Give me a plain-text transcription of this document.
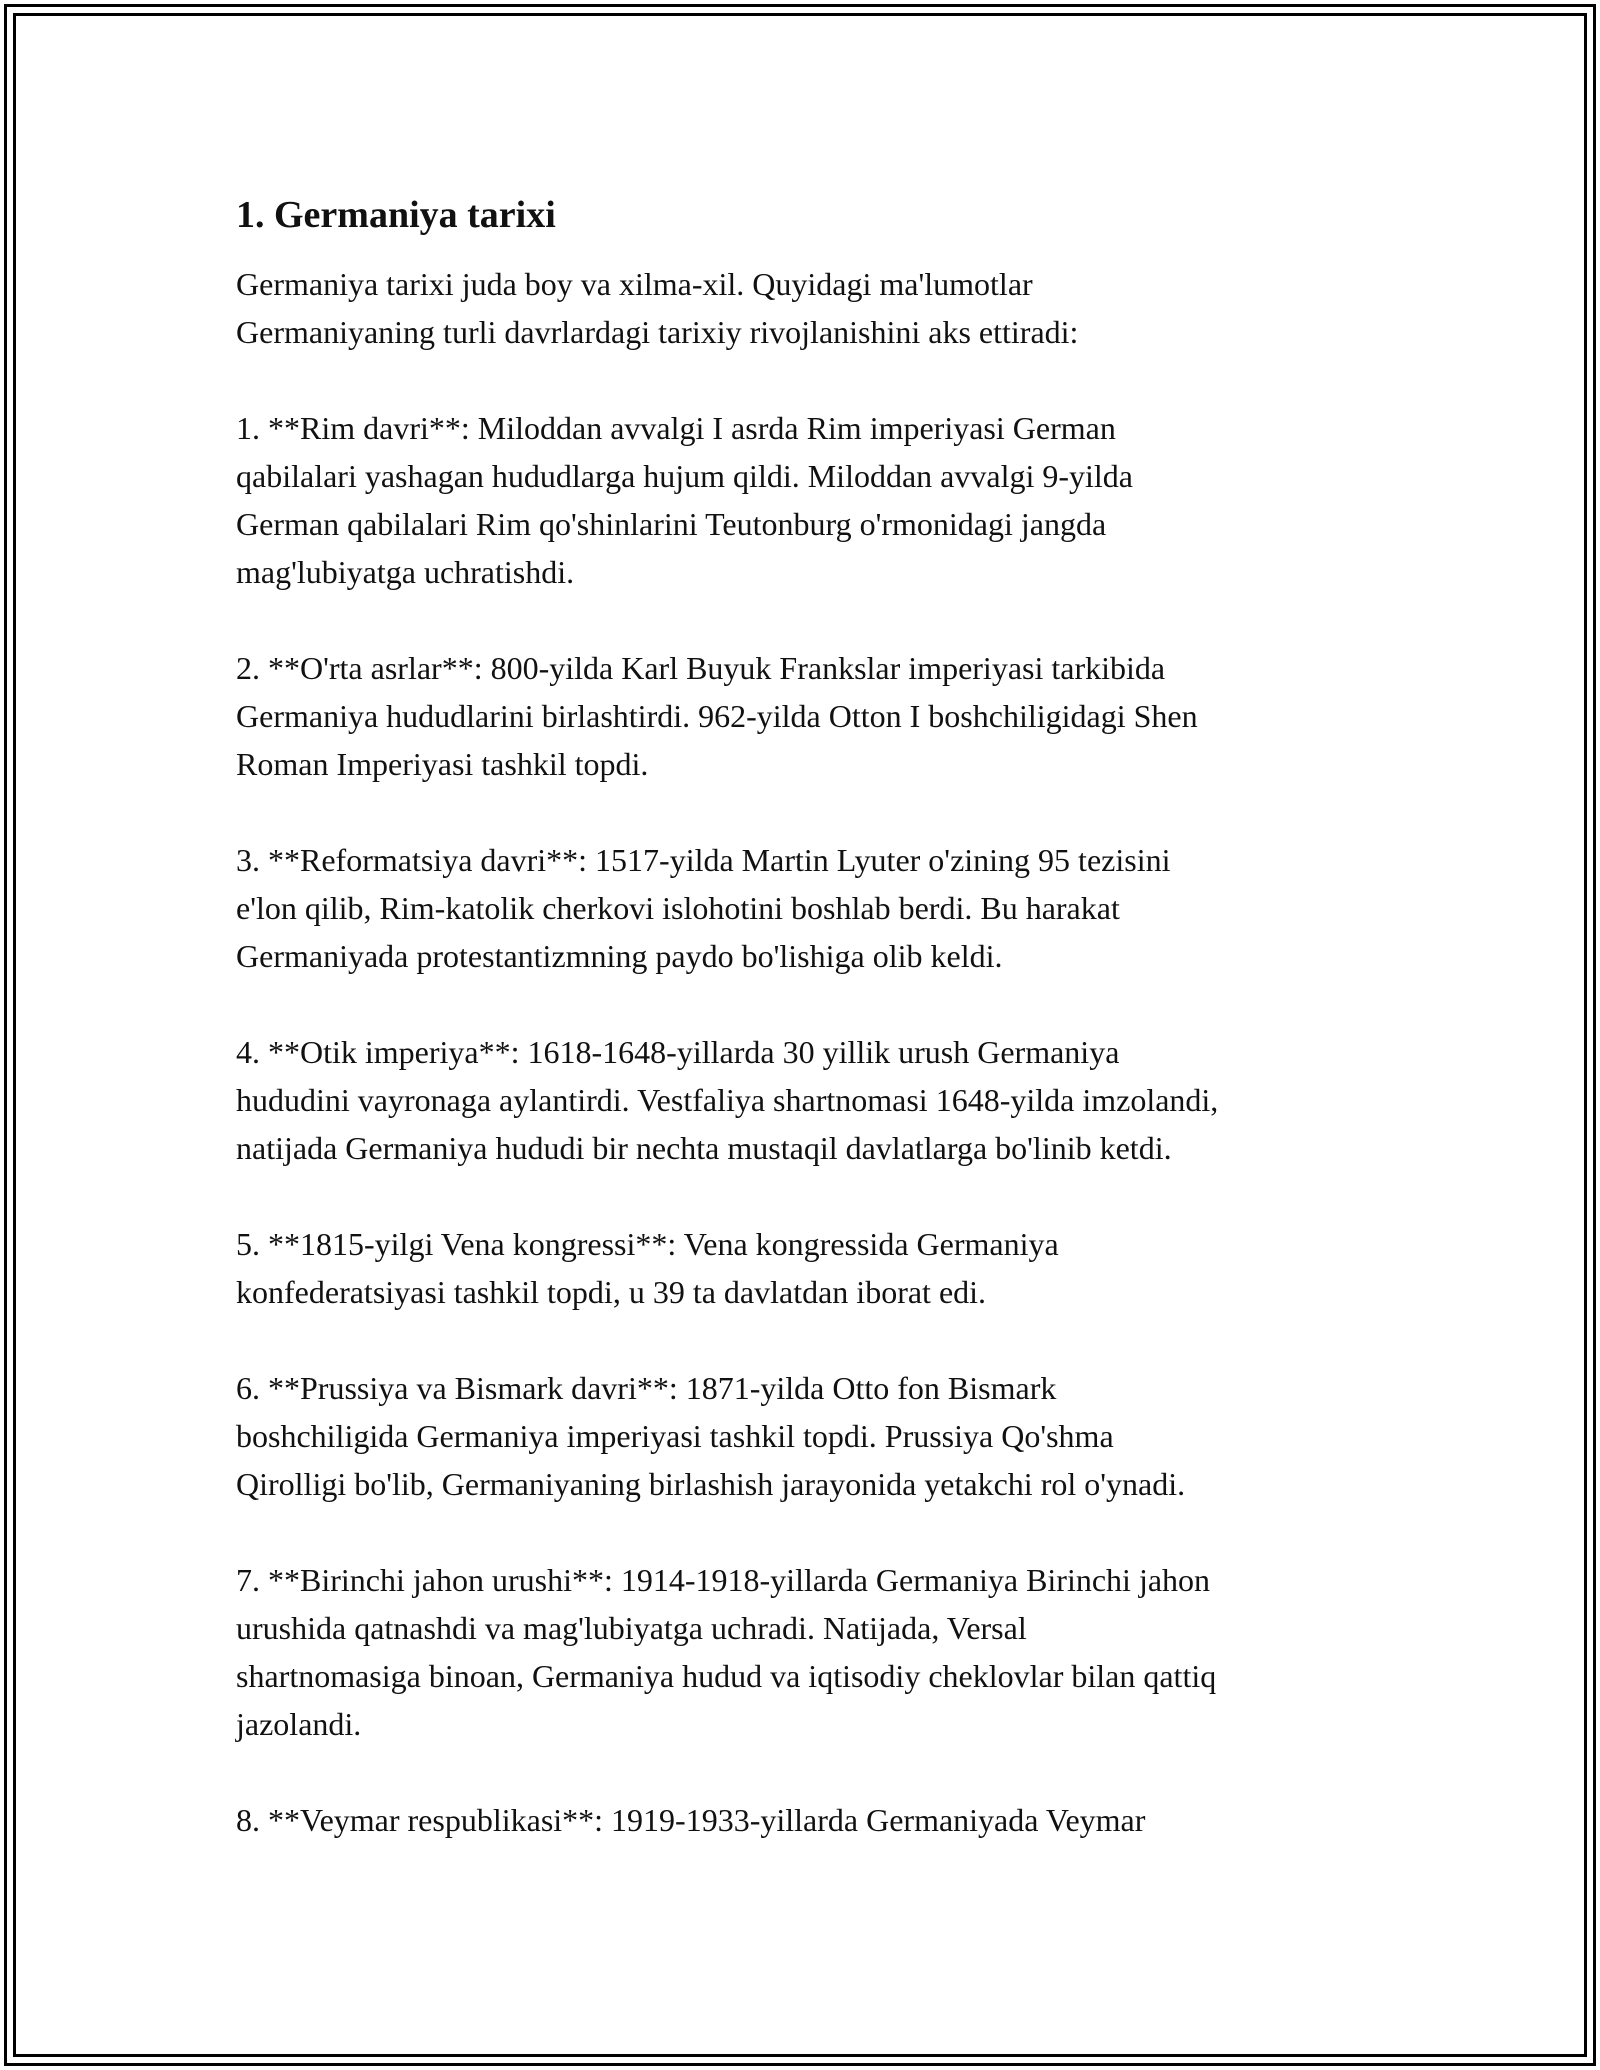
1. Germaniya tarixi

Germaniya tarixi juda boy va xilma-xil. Quyidagi ma'lumotlar
Germaniyaning turli davrlardagi tarixiy rivojlanishini aks ettiradi:

1. **Rim davri**: Miloddan avvalgi I asrda Rim imperiyasi German
qabilalari yashagan hududlarga hujum qildi. Miloddan avvalgi 9-yilda
German qabilalari Rim qo'shinlarini Teutonburg o'rmonidagi jangda
mag'lubiyatga uchratishdi.

2. **O'rta asrlar**: 800-yilda Karl Buyuk Frankslar imperiyasi tarkibida
Germaniya hududlarini birlashtirdi. 962-yilda Otton I boshchiligidagi Shen
Roman Imperiyasi tashkil topdi.

3. **Reformatsiya davri**: 1517-yilda Martin Lyuter o'zining 95 tezisini
e'lon qilib, Rim-katolik cherkovi islohotini boshlab berdi. Bu harakat
Germaniyada protestantizmning paydo bo'lishiga olib keldi.

4. **Otik imperiya**: 1618-1648-yillarda 30 yillik urush Germaniya
hududini vayronaga aylantirdi. Vestfaliya shartnomasi 1648-yilda imzolandi,
natijada Germaniya hududi bir nechta mustaqil davlatlarga bo'linib ketdi.

5. **1815-yilgi Vena kongressi**: Vena kongressida Germaniya
konfederatsiyasi tashkil topdi, u 39 ta davlatdan iborat edi.

6. **Prussiya va Bismark davri**: 1871-yilda Otto fon Bismark
boshchiligida Germaniya imperiyasi tashkil topdi. Prussiya Qo'shma
Qirolligi bo'lib, Germaniyaning birlashish jarayonida yetakchi rol o'ynadi.

7. **Birinchi jahon urushi**: 1914-1918-yillarda Germaniya Birinchi jahon
urushida qatnashdi va mag'lubiyatga uchradi. Natijada, Versal
shartnomasiga binoan, Germaniya hudud va iqtisodiy cheklovlar bilan qattiq
jazolandi.

8. **Veymar respublikasi**: 1919-1933-yillarda Germaniyada Veymar
